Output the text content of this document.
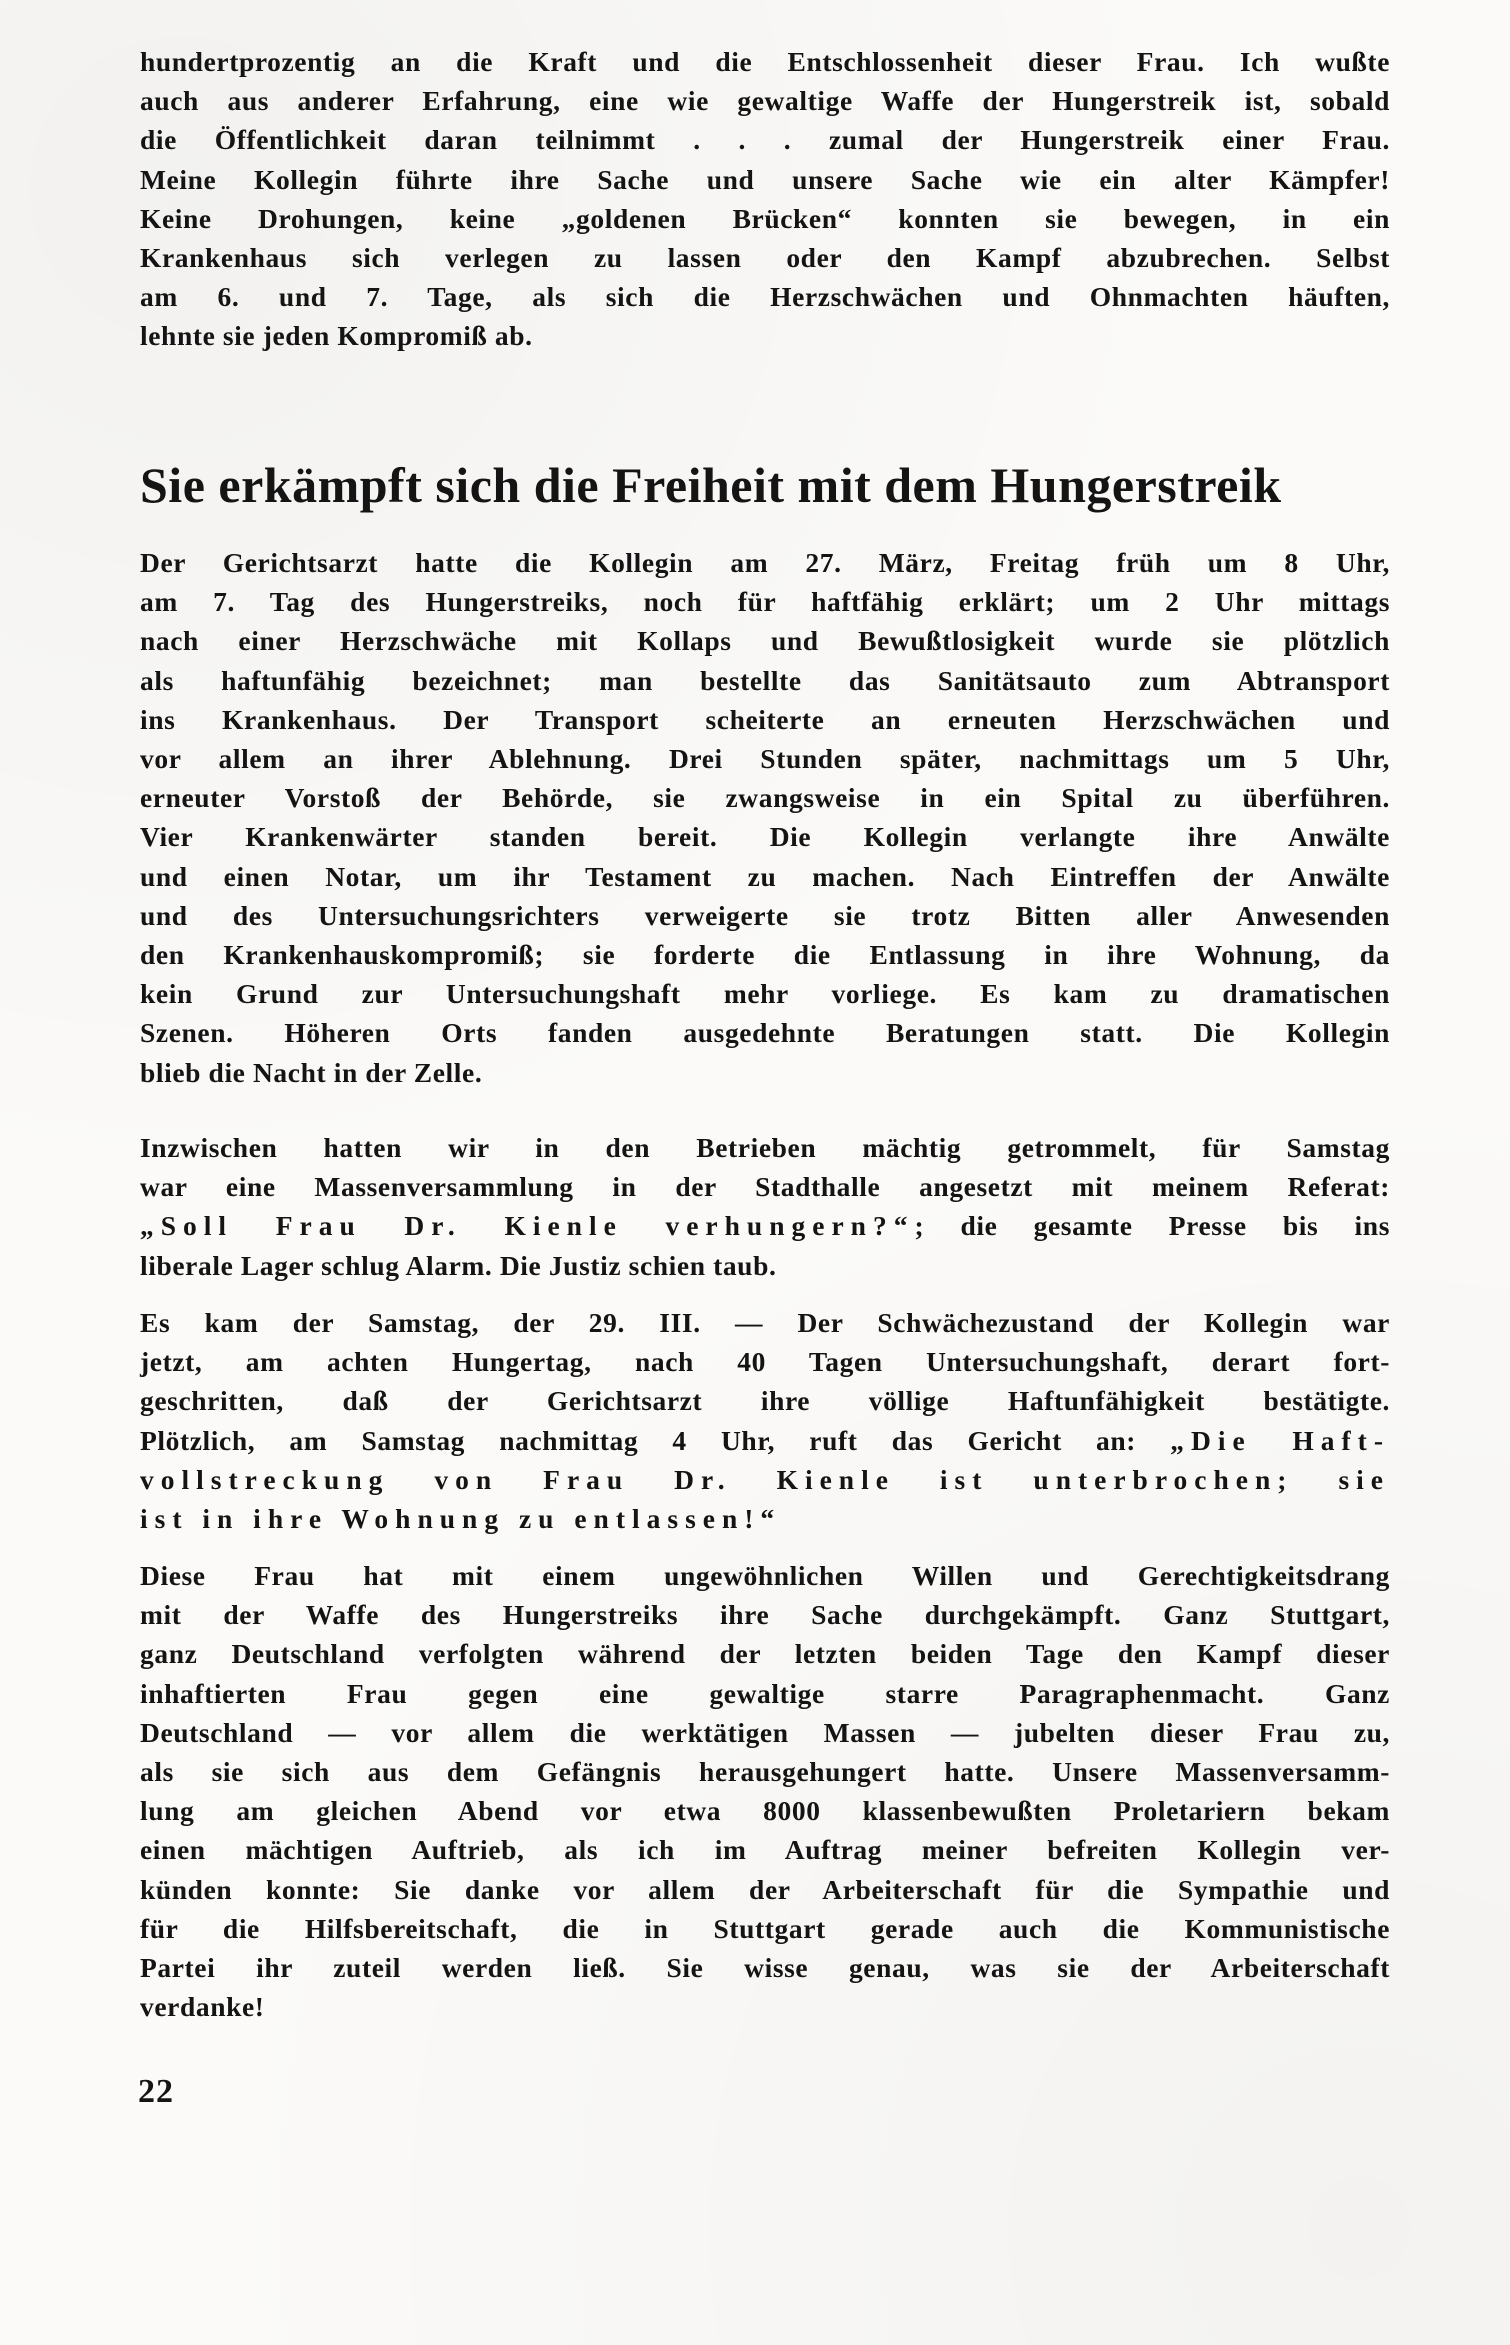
hundertprozentig an die Kraft und die Entschlossenheit dieser Frau. Ich wußte
auch aus anderer Erfahrung, eine wie gewaltige Waffe der Hungerstreik ist, sobald
die Öffentlichkeit daran teilnimmt . . . zumal der Hungerstreik einer Frau.
Meine Kollegin führte ihre Sache und unsere Sache wie ein alter Kämpfer!
Keine Drohungen, keine „goldenen Brücken“ konnten sie bewegen, in ein
Krankenhaus sich verlegen zu lassen oder den Kampf abzubrechen. Selbst
am 6. und 7. Tage, als sich die Herzschwächen und Ohnmachten häuften,
lehnte sie jeden Kompromiß ab.
Sie erkämpft sich die Freiheit mit dem Hungerstreik
Der Gerichtsarzt hatte die Kollegin am 27. März, Freitag früh um 8 Uhr,
am 7. Tag des Hungerstreiks, noch für haftfähig erklärt; um 2 Uhr mittags
nach einer Herzschwäche mit Kollaps und Bewußtlosigkeit wurde sie plötzlich
als haftunfähig bezeichnet; man bestellte das Sanitätsauto zum Abtransport
ins Krankenhaus. Der Transport scheiterte an erneuten Herzschwächen und
vor allem an ihrer Ablehnung. Drei Stunden später, nachmittags um 5 Uhr,
erneuter Vorstoß der Behörde, sie zwangsweise in ein Spital zu überführen.
Vier Krankenwärter standen bereit. Die Kollegin verlangte ihre Anwälte
und einen Notar, um ihr Testament zu machen. Nach Eintreffen der Anwälte
und des Untersuchungsrichters verweigerte sie trotz Bitten aller Anwesenden
den Krankenhauskompromiß; sie forderte die Entlassung in ihre Wohnung, da
kein Grund zur Untersuchungshaft mehr vorliege. Es kam zu dramatischen
Szenen. Höheren Orts fanden ausgedehnte Beratungen statt. Die Kollegin
blieb die Nacht in der Zelle.
Inzwischen hatten wir in den Betrieben mächtig getrommelt, für Samstag
war eine Massenversammlung in der Stadthalle angesetzt mit meinem Referat:
„Soll Frau Dr. Kienle verhungern?“; die gesamte Presse bis ins
liberale Lager schlug Alarm. Die Justiz schien taub.
Es kam der Samstag, der 29. III. — Der Schwächezustand der Kollegin war
jetzt, am achten Hungertag, nach 40 Tagen Untersuchungshaft, derart fort-
geschritten, daß der Gerichtsarzt ihre völlige Haftunfähigkeit bestätigte.
Plötzlich, am Samstag nachmittag 4 Uhr, ruft das Gericht an: „Die Haft-
vollstreckung von Frau Dr. Kienle ist unterbrochen; sie
ist in ihre Wohnung zu entlassen!“
Diese Frau hat mit einem ungewöhnlichen Willen und Gerechtigkeitsdrang
mit der Waffe des Hungerstreiks ihre Sache durchgekämpft. Ganz Stuttgart,
ganz Deutschland verfolgten während der letzten beiden Tage den Kampf dieser
inhaftierten Frau gegen eine gewaltige starre Paragraphenmacht. Ganz
Deutschland — vor allem die werktätigen Massen — jubelten dieser Frau zu,
als sie sich aus dem Gefängnis herausgehungert hatte. Unsere Massenversamm-
lung am gleichen Abend vor etwa 8000 klassenbewußten Proletariern bekam
einen mächtigen Auftrieb, als ich im Auftrag meiner befreiten Kollegin ver-
künden konnte: Sie danke vor allem der Arbeiterschaft für die Sympathie und
für die Hilfsbereitschaft, die in Stuttgart gerade auch die Kommunistische
Partei ihr zuteil werden ließ. Sie wisse genau, was sie der Arbeiterschaft
verdanke!
22
